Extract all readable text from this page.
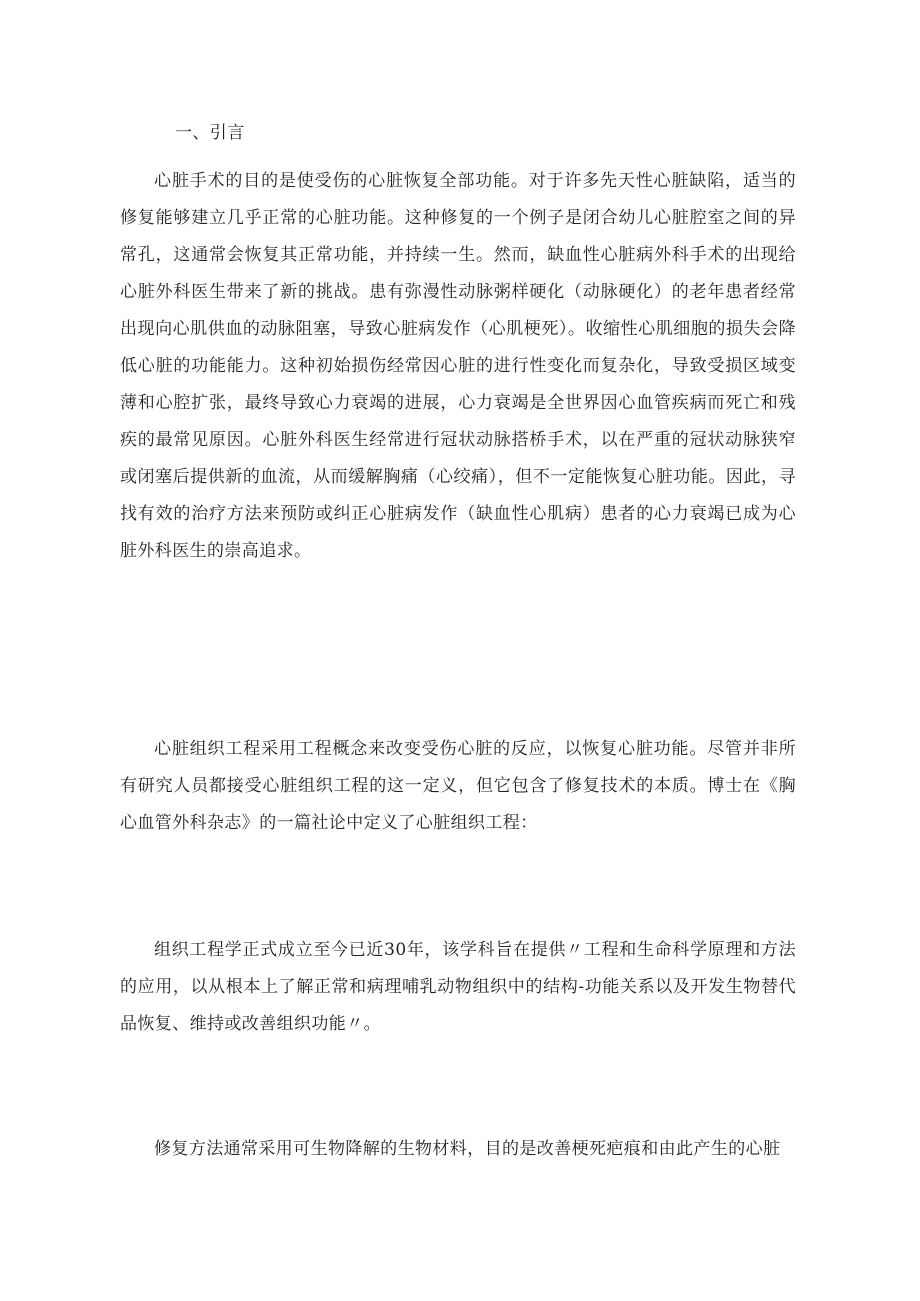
一、引言

心脏手术的目的是使受伤的心脏恢复全部功能。对于许多先天性心脏缺陷，适当的修复能够建立几乎正常的心脏功能。这种修复的一个例子是闭合幼儿心脏腔室之间的异常孔，这通常会恢复其正常功能，并持续一生。然而，缺血性心脏病外科手术的出现给心脏外科医生带来了新的挑战。患有弥漫性动脉粥样硬化（动脉硬化）的老年患者经常出现向心肌供血的动脉阻塞，导致心脏病发作（心肌梗死）。收缩性心肌细胞的损失会降低心脏的功能能力。这种初始损伤经常因心脏的进行性变化而复杂化，导致受损区域变薄和心腔扩张，最终导致心力衰竭的进展，心力衰竭是全世界因心血管疾病而死亡和残疾的最常见原因。心脏外科医生经常进行冠状动脉搭桥手术，以在严重的冠状动脉狭窄或闭塞后提供新的血流，从而缓解胸痛（心绞痛），但不一定能恢复心脏功能。因此，寻找有效的治疗方法来预防或纠正心脏病发作（缺血性心肌病）患者的心力衰竭已成为心脏外科医生的崇高追求。

心脏组织工程采用工程概念来改变受伤心脏的反应，以恢复心脏功能。尽管并非所有研究人员都接受心脏组织工程的这一定义，但它包含了修复技术的本质。博士在《胸心血管外科杂志》的一篇社论中定义了心脏组织工程：

组织工程学正式成立至今已近30年，该学科旨在提供〃工程和生命科学原理和方法的应用，以从根本上了解正常和病理哺乳动物组织中的结构-功能关系以及开发生物替代品恢复、维持或改善组织功能〃。

修复方法通常采用可生物降解的生物材料，目的是改善梗死疤痕和由此产生的心脏
